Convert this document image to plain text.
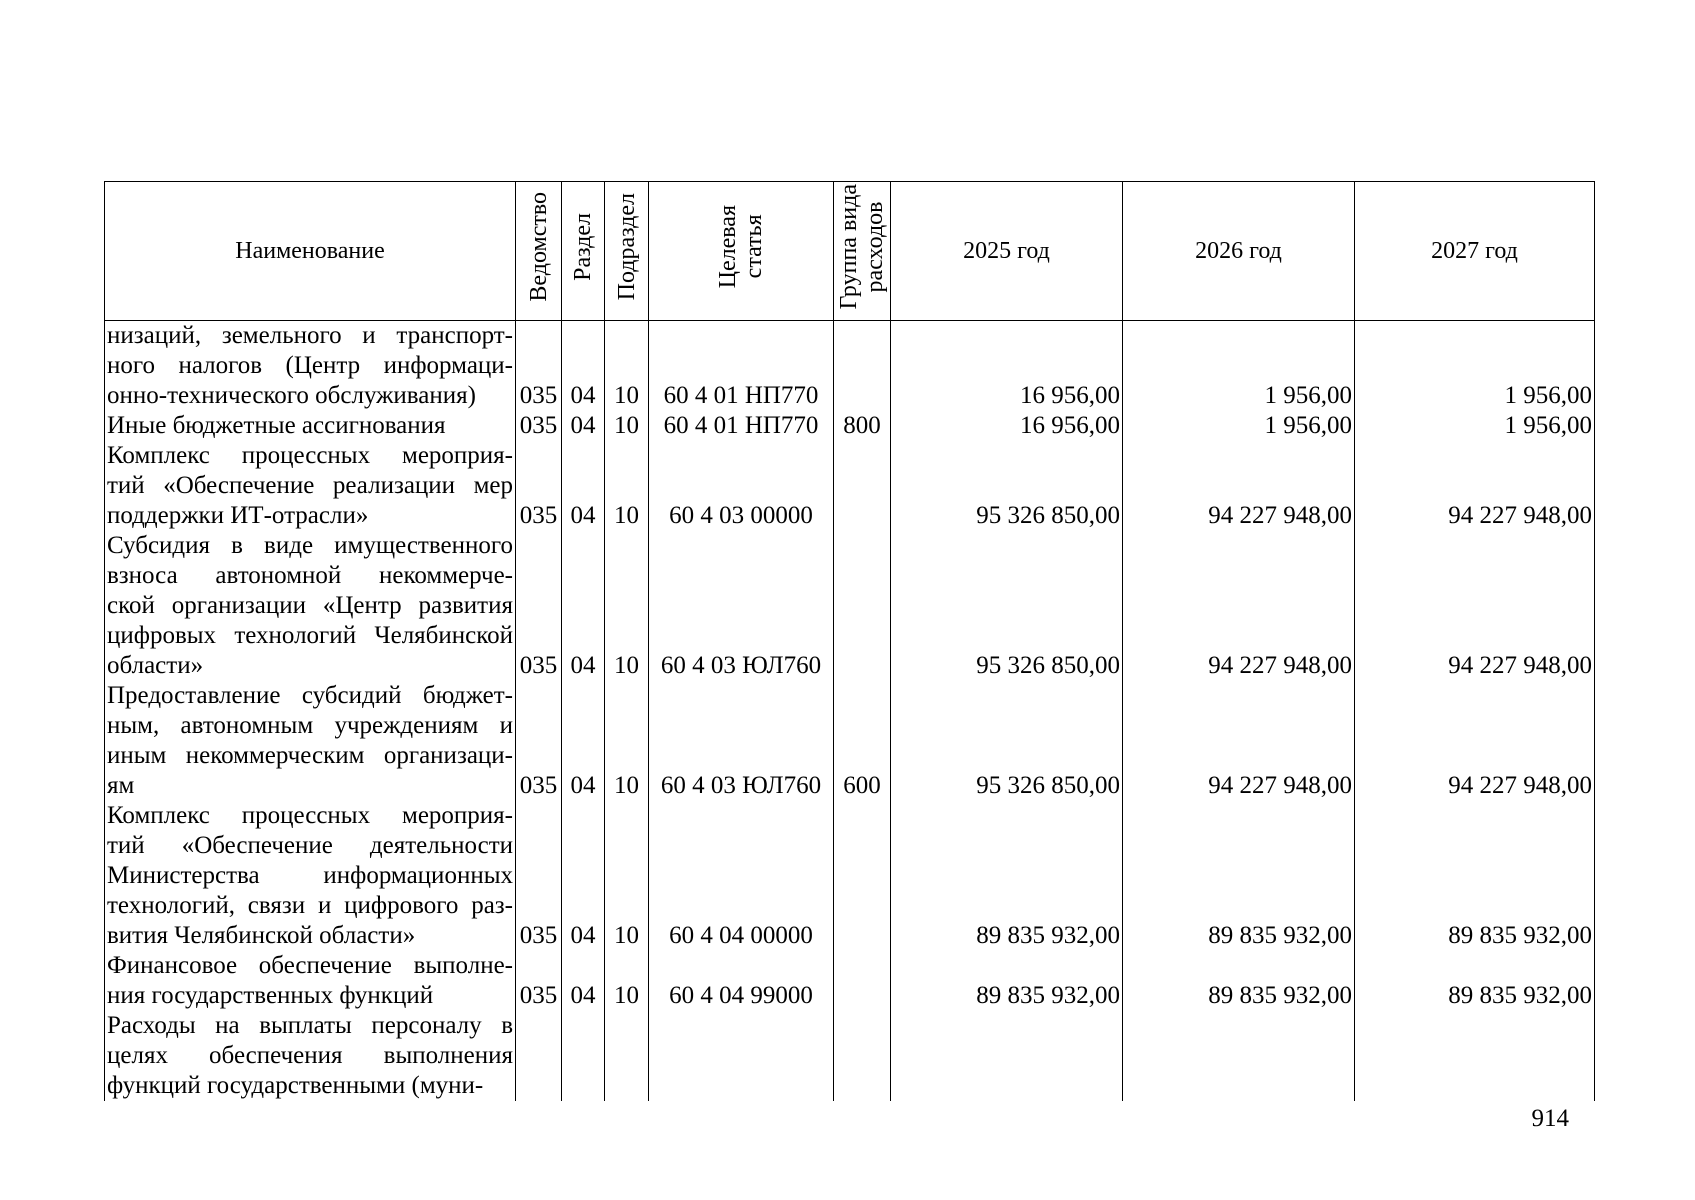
Наименование	Ведомство	Раздел	Подраздел	Целевая
статья	Группа вида
расходов	2025 год	2026 год	2027 год

низаций, земельного и транспорт-
ного налогов (Центр информаци-
онно-технического обслуживания)	035	04	10	60 4 01 НП770		16 956,00	1 956,00	1 956,00

Иные бюджетные ассигнования	035	04	10	60 4 01 НП770	800	16 956,00	1 956,00	1 956,00

Комплекс процессных мероприя-
тий «Обеспечение реализации мер
поддержки ИТ-отрасли»	035	04	10	60 4 03 00000		95 326 850,00	94 227 948,00	94 227 948,00

Субсидия в виде имущественного
взноса автономной некоммерче-
ской организации «Центр развития
цифровых технологий Челябинской
области»	035	04	10	60 4 03 ЮЛ760		95 326 850,00	94 227 948,00	94 227 948,00

Предоставление субсидий бюджет-
ным, автономным учреждениям и
иным некоммерческим организаци-
ям	035	04	10	60 4 03 ЮЛ760	600	95 326 850,00	94 227 948,00	94 227 948,00

Комплекс процессных мероприя-
тий «Обеспечение деятельности
Министерства информационных
технологий, связи и цифрового раз-
вития Челябинской области»	035	04	10	60 4 04 00000		89 835 932,00	89 835 932,00	89 835 932,00

Финансовое обеспечение выполне-
ния государственных функций	035	04	10	60 4 04 99000		89 835 932,00	89 835 932,00	89 835 932,00

Расходы на выплаты персоналу в
целях обеспечения выполнения
функций государственными (муни-								

914
